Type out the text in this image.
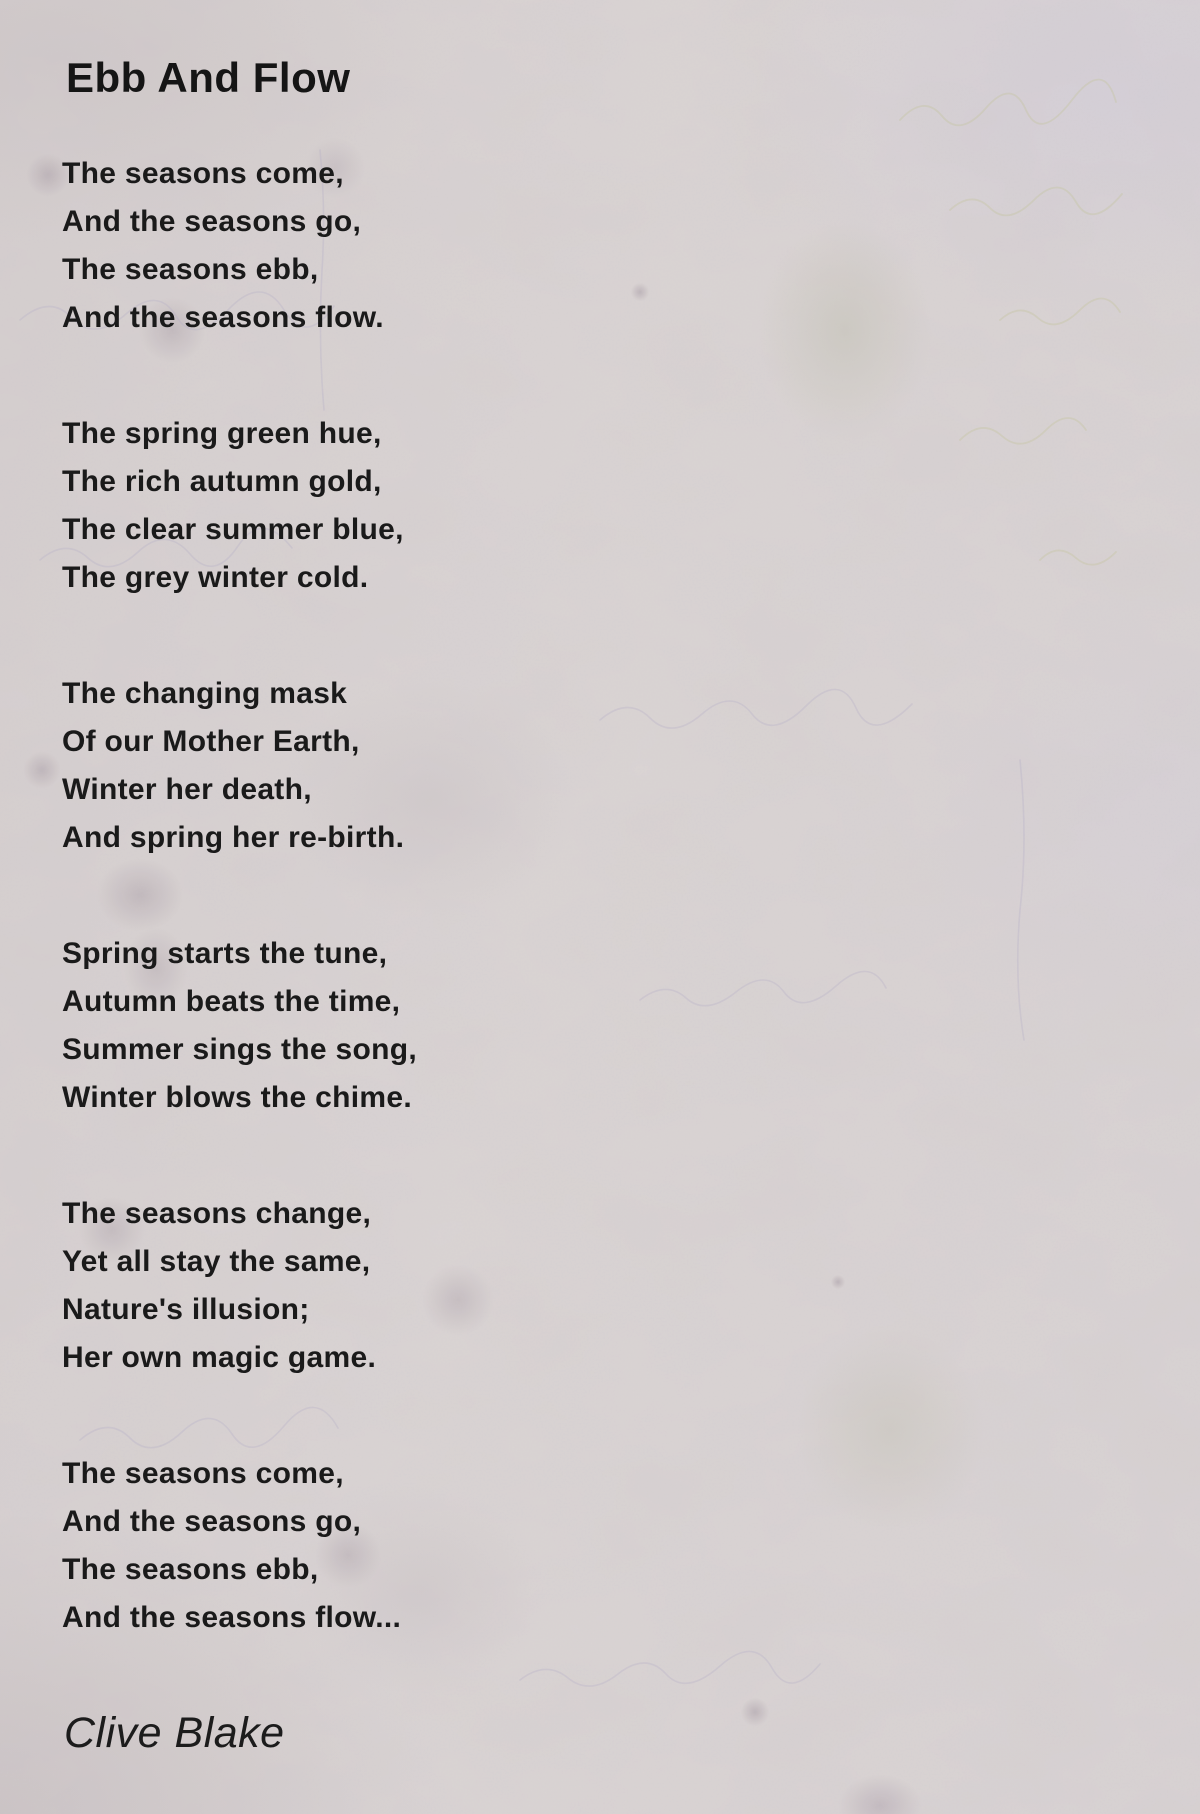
Ebb And Flow
The seasons come,
And the seasons go,
The seasons ebb,
And the seasons flow.
The spring green hue,
The rich autumn gold,
The clear summer blue,
The grey winter cold.
The changing mask
Of our Mother Earth,
Winter her death,
And spring her re-birth.
Spring starts the tune,
Autumn beats the time,
Summer sings the song,
Winter blows the chime.
The seasons change,
Yet all stay the same,
Nature's illusion;
Her own magic game.
The seasons come,
And the seasons go,
The seasons ebb,
And the seasons flow...

Clive Blake
